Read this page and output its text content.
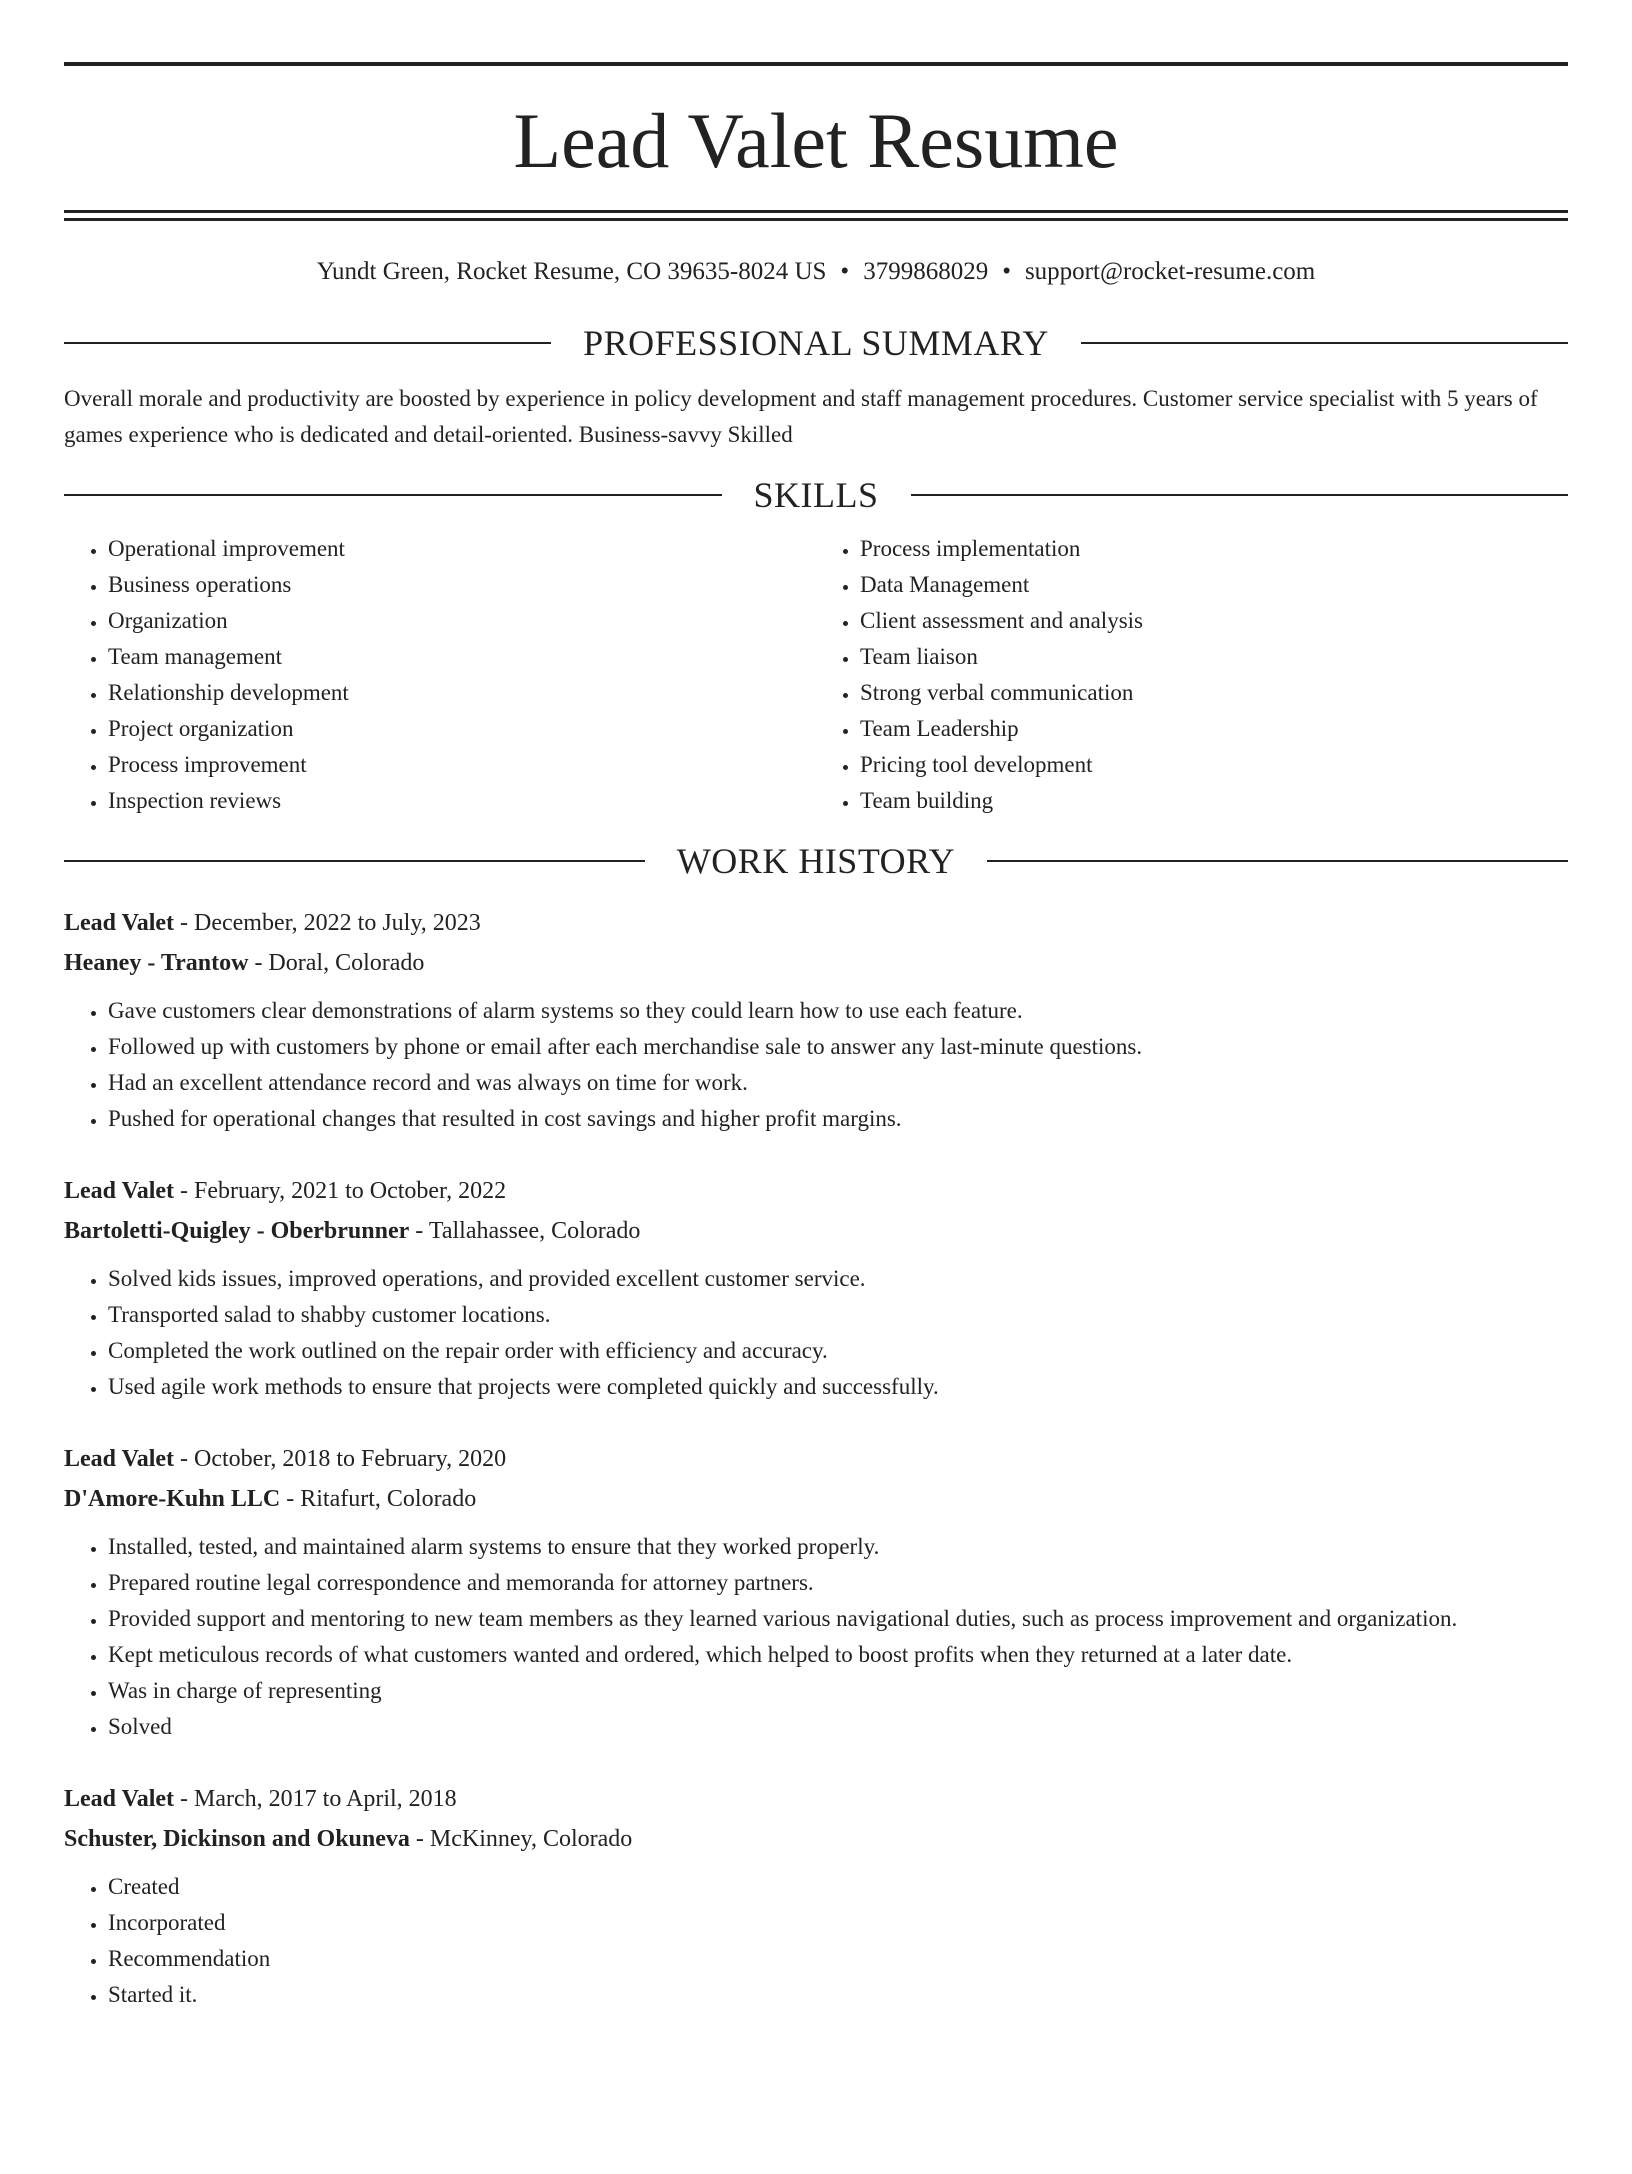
Lead Valet Resume
Yundt Green, Rocket Resume, CO 39635-8024 US • 3799868029 • support@rocket-resume.com
PROFESSIONAL SUMMARY
Overall morale and productivity are boosted by experience in policy development and staff management procedures. Customer service specialist with 5 years of games experience who is dedicated and detail-oriented. Business-savvy Skilled
SKILLS
• Operational improvement
• Business operations
• Organization
• Team management
• Relationship development
• Project organization
• Process improvement
• Inspection reviews
• Process implementation
• Data Management
• Client assessment and analysis
• Team liaison
• Strong verbal communication
• Team Leadership
• Pricing tool development
• Team building
WORK HISTORY
Lead Valet - December, 2022 to July, 2023
Heaney - Trantow - Doral, Colorado
• Gave customers clear demonstrations of alarm systems so they could learn how to use each feature.
• Followed up with customers by phone or email after each merchandise sale to answer any last-minute questions.
• Had an excellent attendance record and was always on time for work.
• Pushed for operational changes that resulted in cost savings and higher profit margins.
Lead Valet - February, 2021 to October, 2022
Bartoletti-Quigley - Oberbrunner - Tallahassee, Colorado
• Solved kids issues, improved operations, and provided excellent customer service.
• Transported salad to shabby customer locations.
• Completed the work outlined on the repair order with efficiency and accuracy.
• Used agile work methods to ensure that projects were completed quickly and successfully.
Lead Valet - October, 2018 to February, 2020
D'Amore-Kuhn LLC - Ritafurt, Colorado
• Installed, tested, and maintained alarm systems to ensure that they worked properly.
• Prepared routine legal correspondence and memoranda for attorney partners.
• Provided support and mentoring to new team members as they learned various navigational duties, such as process improvement and organization.
• Kept meticulous records of what customers wanted and ordered, which helped to boost profits when they returned at a later date.
• Was in charge of representing
• Solved
Lead Valet - March, 2017 to April, 2018
Schuster, Dickinson and Okuneva - McKinney, Colorado
• Created
• Incorporated
• Recommendation
• Started it.
